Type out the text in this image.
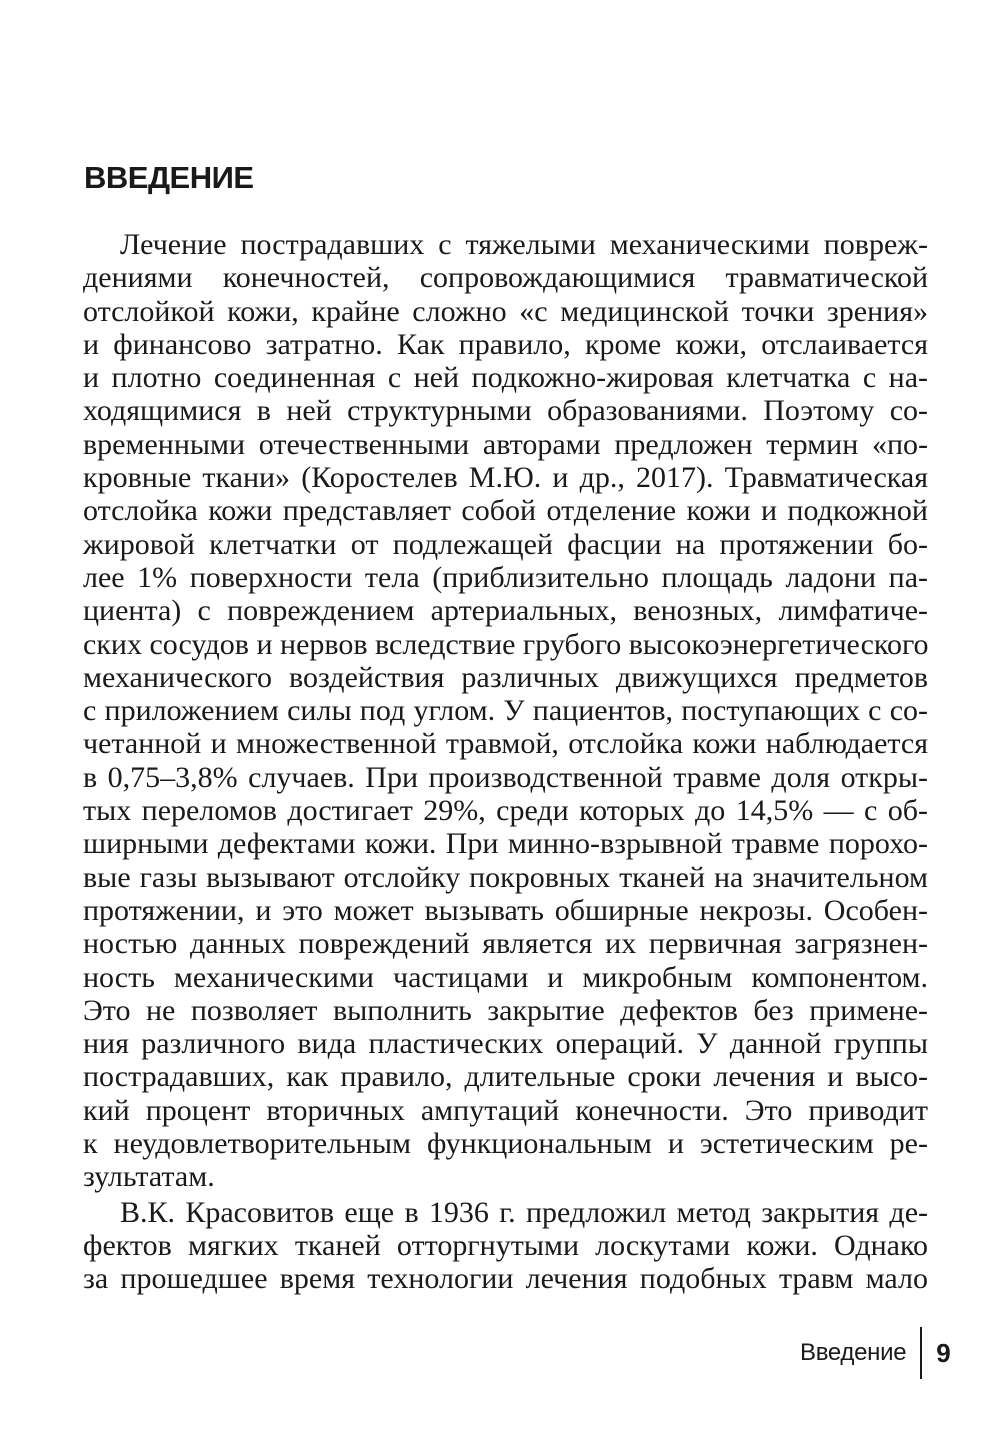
ВВЕДЕНИЕ

Лечение пострадавших с тяжелыми механическими повреж-
дениями конечностей, сопровождающимися травматической
отслойкой кожи, крайне сложно «с медицинской точки зрения»
и финансово затратно. Как правило, кроме кожи, отслаивается
и плотно соединенная с ней подкожно-жировая клетчатка с на-
ходящимися в ней структурными образованиями. Поэтому со-
временными отечественными авторами предложен термин «по-
кровные ткани» (Коростелев М.Ю. и др., 2017). Травматическая
отслойка кожи представляет собой отделение кожи и подкожной
жировой клетчатки от подлежащей фасции на протяжении бо-
лее 1% поверхности тела (приблизительно площадь ладони па-
циента) с повреждением артериальных, венозных, лимфатиче-
ских сосудов и нервов вследствие грубого высокоэнергетического
механического воздействия различных движущихся предметов
с приложением силы под углом. У пациентов, поступающих с со-
четанной и множественной травмой, отслойка кожи наблюдается
в 0,75–3,8% случаев. При производственной травме доля откры-
тых переломов достигает 29%, среди которых до 14,5% — с об-
ширными дефектами кожи. При минно-взрывной травме порохо-
вые газы вызывают отслойку покровных тканей на значительном
протяжении, и это может вызывать обширные некрозы. Особен-
ностью данных повреждений является их первичная загрязнен-
ность механическими частицами и микробным компонентом.
Это не позволяет выполнить закрытие дефектов без примене-
ния различного вида пластических операций. У данной группы
пострадавших, как правило, длительные сроки лечения и высо-
кий процент вторичных ампутаций конечности. Это приводит
к неудовлетворительным функциональным и эстетическим ре-
зультатам.

В.К. Красовитов еще в 1936 г. предложил метод закрытия де-
фектов мягких тканей отторгнутыми лоскутами кожи. Однако
за прошедшее время технологии лечения подобных травм мало

Введение	9
